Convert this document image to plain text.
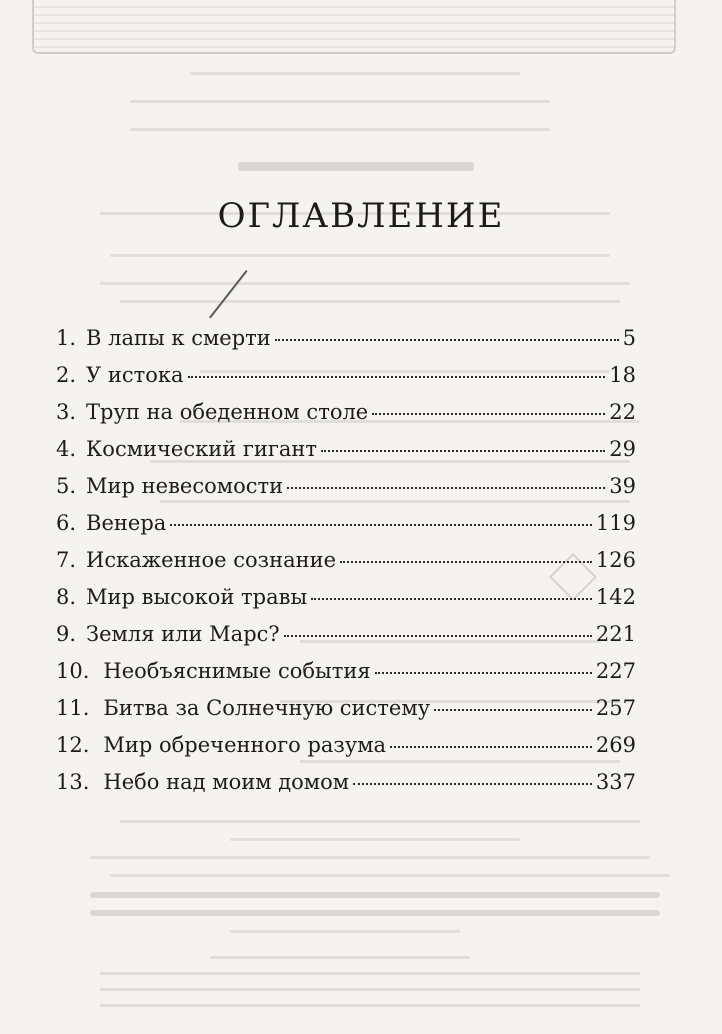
ОГЛАВЛЕНИЕ
1. В лапы к смерти	5
2. У истока	18
3. Труп на обеденном столе	22
4. Космический гигант	29
5. Мир невесомости	39
6. Венера	119
7. Искаженное сознание	126
8. Мир высокой травы	142
9. Земля или Марс?	221
10. Необъяснимые события	227
11. Битва за Солнечную систему	257
12. Мир обреченного разума	269
13. Небо над моим домом	337
